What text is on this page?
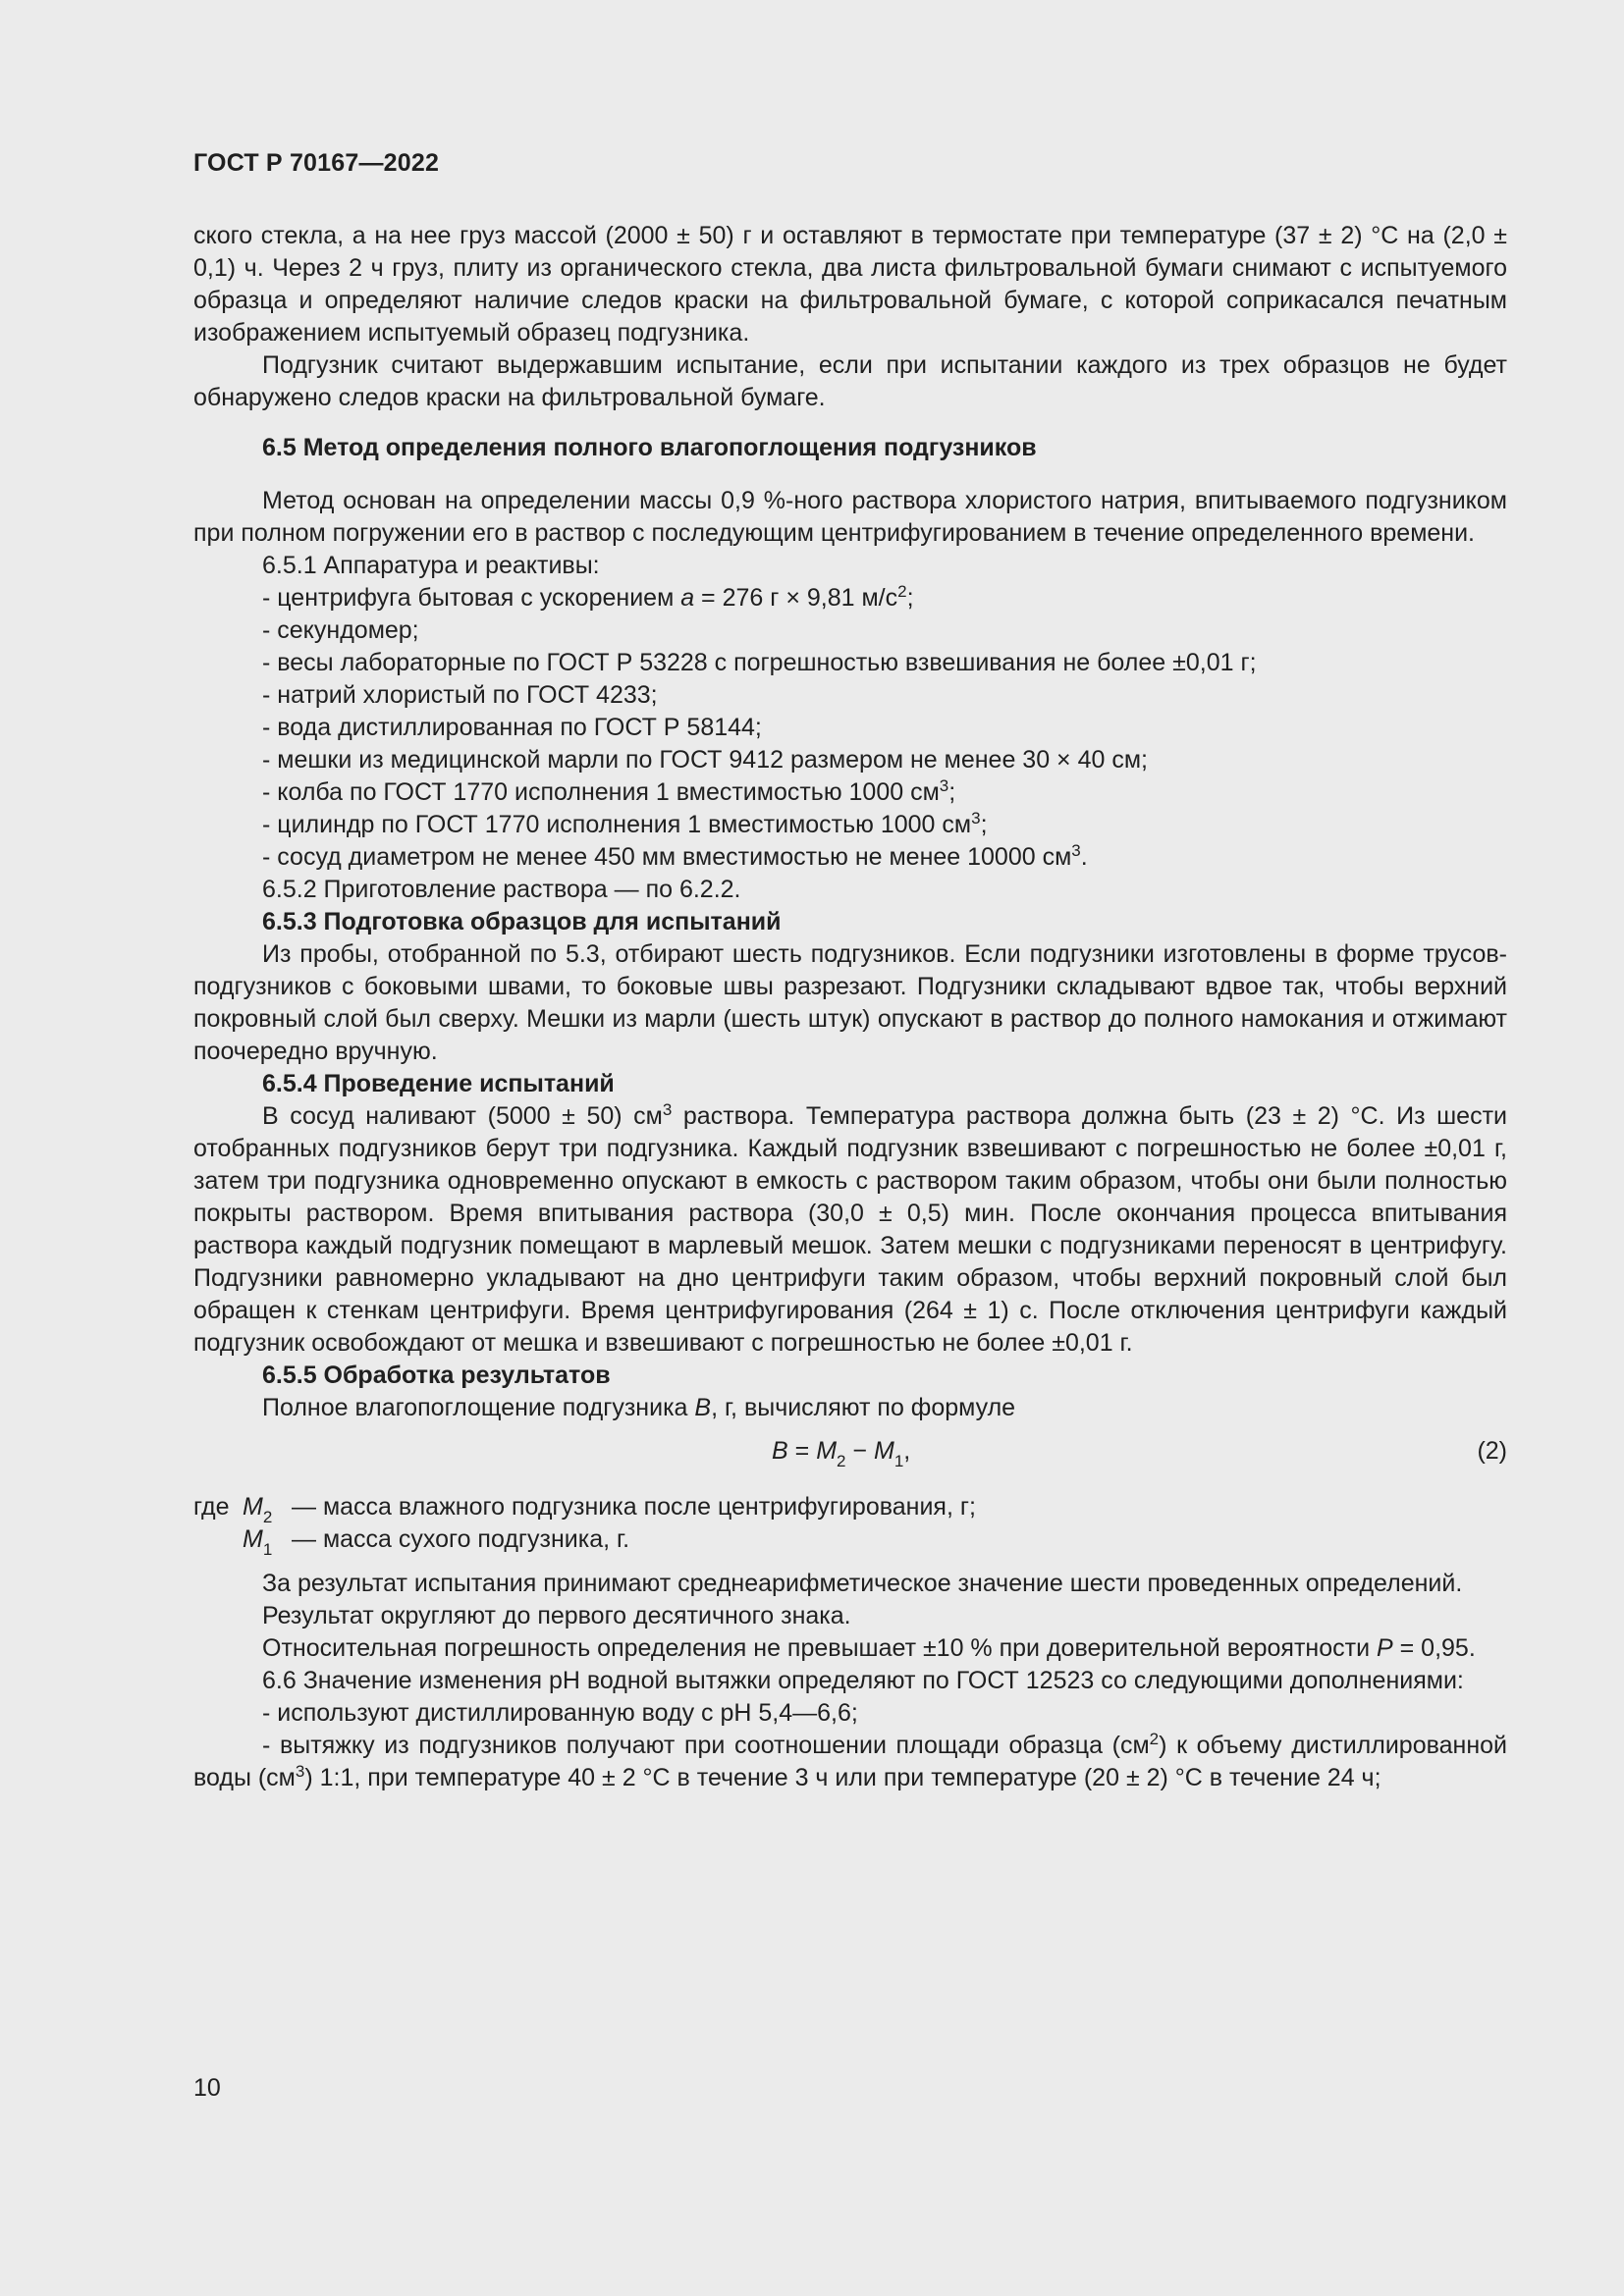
ГОСТ Р 70167—2022

ского стекла, а на нее груз массой (2000 ± 50) г и оставляют в термостате при температуре (37 ± 2) °С на (2,0 ± 0,1) ч. Через 2 ч груз, плиту из органического стекла, два листа фильтровальной бумаги снимают с испытуемого образца и определяют наличие следов краски на фильтровальной бумаге, с которой соприкасался печатным изображением испытуемый образец подгузника.

Подгузник считают выдержавшим испытание, если при испытании каждого из трех образцов не будет обнаружено следов краски на фильтровальной бумаге.

6.5 Метод определения полного влагопоглощения подгузников

Метод основан на определении массы 0,9 %-ного раствора хлористого натрия, впитываемого подгузником при полном погружении его в раствор с последующим центрифугированием в течение определенного времени.

6.5.1 Аппаратура и реактивы:
- центрифуга бытовая с ускорением а = 276 г × 9,81 $м/с^2$;
- секундомер;
- весы лабораторные по ГОСТ Р 53228 с погрешностью взвешивания не более ±0,01 г;
- натрий хлористый по ГОСТ 4233;
- вода дистиллированная по ГОСТ Р 58144;
- мешки из медицинской марли по ГОСТ 9412 размером не менее 30 × 40 см;
- колба по ГОСТ 1770 исполнения 1 вместимостью 1000 $см^3$;
- цилиндр по ГОСТ 1770 исполнения 1 вместимостью 1000 $см^3$;
- сосуд диаметром не менее 450 мм вместимостью не менее 10000 $см^3$.
6.5.2 Приготовление раствора — по 6.2.2.
6.5.3 Подготовка образцов для испытаний

Из пробы, отобранной по 5.3, отбирают шесть подгузников. Если подгузники изготовлены в форме трусов-подгузников с боковыми швами, то боковые швы разрезают. Подгузники складывают вдвое так, чтобы верхний покровный слой был сверху. Мешки из марли (шесть штук) опускают в раствор до полного намокания и отжимают поочередно вручную.

6.5.4 Проведение испытаний

В сосуд наливают (5000 ± 50) $см^3$ раствора. Температура раствора должна быть (23 ± 2) °С. Из шести отобранных подгузников берут три подгузника. Каждый подгузник взвешивают с погрешностью не более ±0,01 г, затем три подгузника одновременно опускают в емкость с раствором таким образом, чтобы они были полностью покрыты раствором. Время впитывания раствора (30,0 ± 0,5) мин. После окончания процесса впитывания раствора каждый подгузник помещают в марлевый мешок. Затем мешки с подгузниками переносят в центрифугу. Подгузники равномерно укладывают на дно центрифуги таким образом, чтобы верхний покровный слой был обращен к стенкам центрифуги. Время центрифугирования (264 ± 1) с. После отключения центрифуги каждый подгузник освобождают от мешка и взвешивают с погрешностью не более ±0,01 г.

6.5.5 Обработка результатов
Полное влагопоглощение подгузника В, г, вычисляют по формуле
$В = М_2 - М_1$,	(2)
где $М_2$ — масса влажного подгузника после центрифугирования, г;
$М_1$ — масса сухого подгузника, г.

За результат испытания принимают среднеарифметическое значение шести проведенных определений.

Результат округляют до первого десятичного знака.

Относительная погрешность определения не превышает ±10 % при доверительной вероятности Р = 0,95.

6.6 Значение изменения рН водной вытяжки определяют по ГОСТ 12523 со следующими дополнениями:

- используют дистиллированную воду с рН 5,4—6,6;

- вытяжку из подгузников получают при соотношении площади образца $(см^2)$ к объему дистиллированной воды $(см^3)$ 1:1, при температуре 40 ± 2 °С в течение 3 ч или при температуре (20 ± 2) °С в течение 24 ч;

10
